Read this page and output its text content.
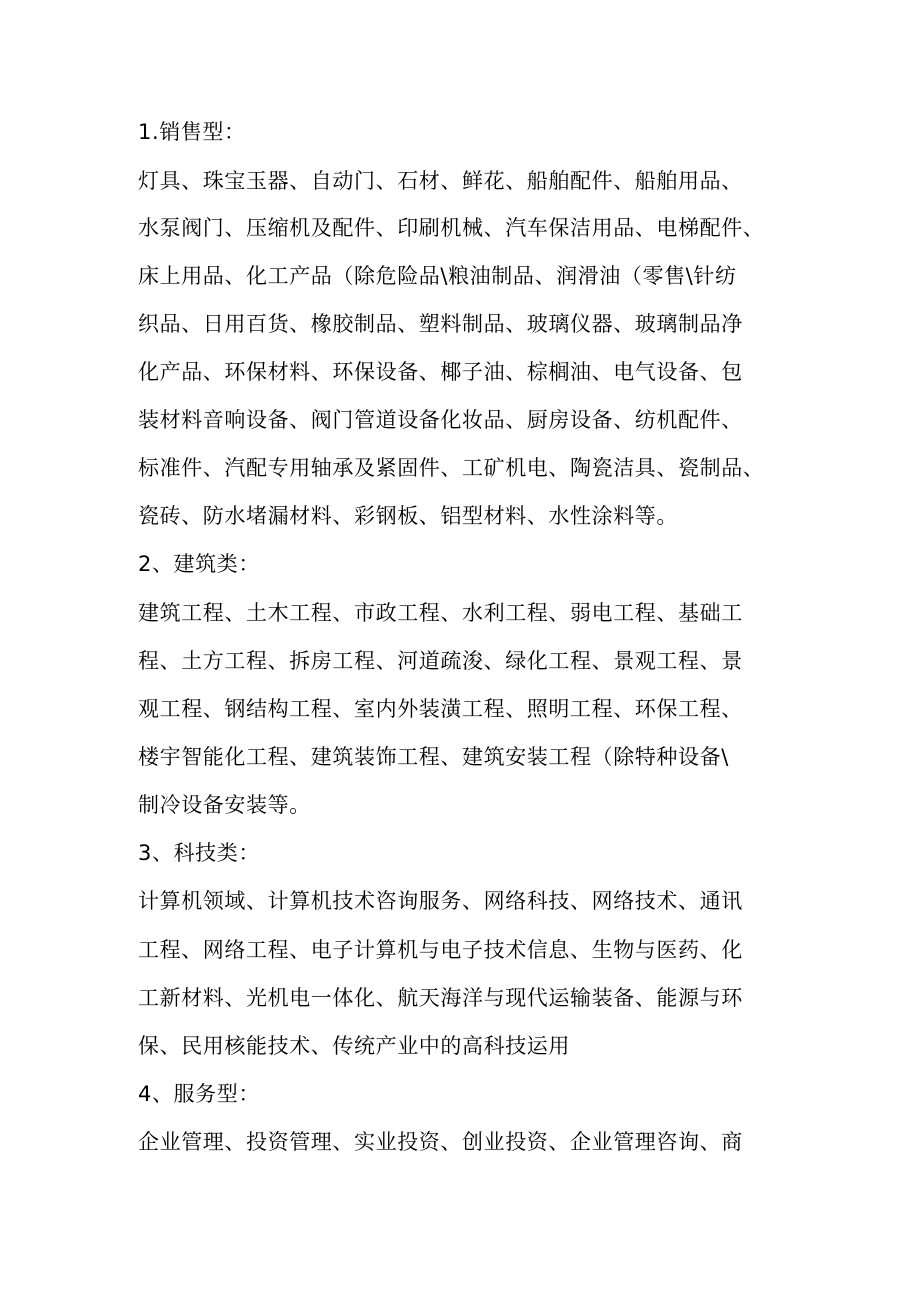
1.销售型：
灯具、珠宝玉器、自动门、石材、鲜花、船舶配件、船舶用品、
水泵阀门、压缩机及配件、印刷机械、汽车保洁用品、电梯配件、
床上用品、化工产品（除危险品\粮油制品、润滑油（零售\针纺
织品、日用百货、橡胶制品、塑料制品、玻璃仪器、玻璃制品净
化产品、环保材料、环保设备、椰子油、棕榈油、电气设备、包
装材料音响设备、阀门管道设备化妆品、厨房设备、纺机配件、
标准件、汽配专用轴承及紧固件、工矿机电、陶瓷洁具、瓷制品、
瓷砖、防水堵漏材料、彩钢板、铝型材料、水性涂料等。
2、建筑类：
建筑工程、土木工程、市政工程、水利工程、弱电工程、基础工
程、土方工程、拆房工程、河道疏浚、绿化工程、景观工程、景
观工程、钢结构工程、室内外装潢工程、照明工程、环保工程、
楼宇智能化工程、建筑装饰工程、建筑安装工程（除特种设备\
制冷设备安装等。
3、科技类：
计算机领域、计算机技术咨询服务、网络科技、网络技术、通讯
工程、网络工程、电子计算机与电子技术信息、生物与医药、化
工新材料、光机电一体化、航天海洋与现代运输装备、能源与环
保、民用核能技术、传统产业中的高科技运用
4、服务型：
企业管理、投资管理、实业投资、创业投资、企业管理咨询、商
